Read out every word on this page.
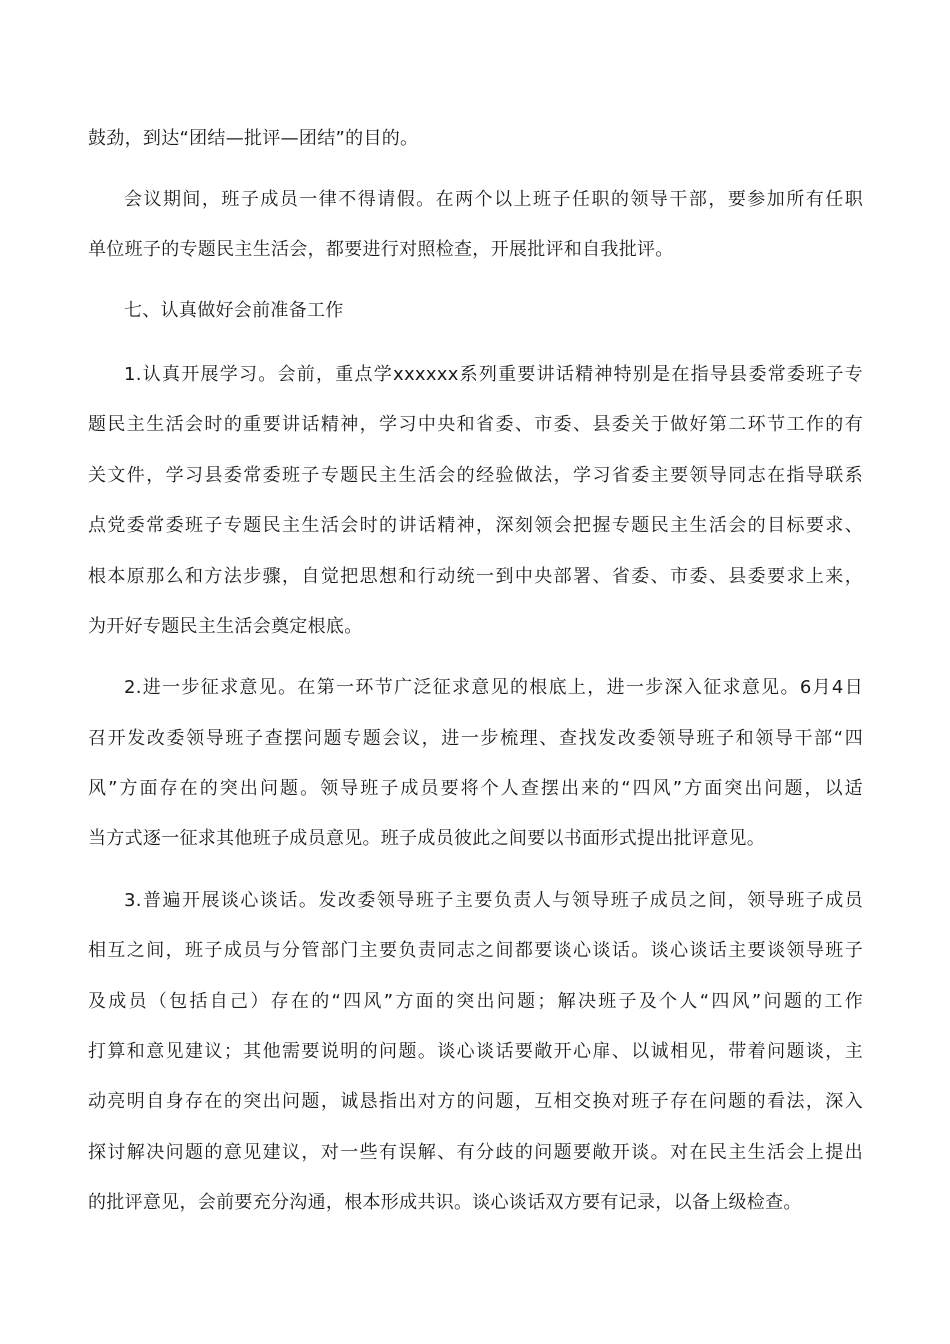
鼓劲，到达“团结—批评—团结”的目的。

会议期间，班子成员一律不得请假。在两个以上班子任职的领导干部，要参加所有任职

单位班子的专题民主生活会，都要进行对照检查，开展批评和自我批评。

七、认真做好会前准备工作

1.认真开展学习。会前，重点学xxxxxx系列重要讲话精神特别是在指导县委常委班子专

题民主生活会时的重要讲话精神，学习中央和省委、市委、县委关于做好第二环节工作的有

关文件，学习县委常委班子专题民主生活会的经验做法，学习省委主要领导同志在指导联系

点党委常委班子专题民主生活会时的讲话精神，深刻领会把握专题民主生活会的目标要求、

根本原那么和方法步骤，自觉把思想和行动统一到中央部署、省委、市委、县委要求上来，

为开好专题民主生活会奠定根底。

2.进一步征求意见。在第一环节广泛征求意见的根底上，进一步深入征求意见。6月4日

召开发改委领导班子查摆问题专题会议，进一步梳理、查找发改委领导班子和领导干部“四

风”方面存在的突出问题。领导班子成员要将个人查摆出来的“四风”方面突出问题，以适

当方式逐一征求其他班子成员意见。班子成员彼此之间要以书面形式提出批评意见。

3.普遍开展谈心谈话。发改委领导班子主要负责人与领导班子成员之间，领导班子成员

相互之间，班子成员与分管部门主要负责同志之间都要谈心谈话。谈心谈话主要谈领导班子

及成员（包括自己）存在的“四风”方面的突出问题；解决班子及个人“四风”问题的工作

打算和意见建议；其他需要说明的问题。谈心谈话要敞开心扉、以诚相见，带着问题谈，主

动亮明自身存在的突出问题，诚恳指出对方的问题，互相交换对班子存在问题的看法，深入

探讨解决问题的意见建议，对一些有误解、有分歧的问题要敞开谈。对在民主生活会上提出

的批评意见，会前要充分沟通，根本形成共识。谈心谈话双方要有记录，以备上级检查。
